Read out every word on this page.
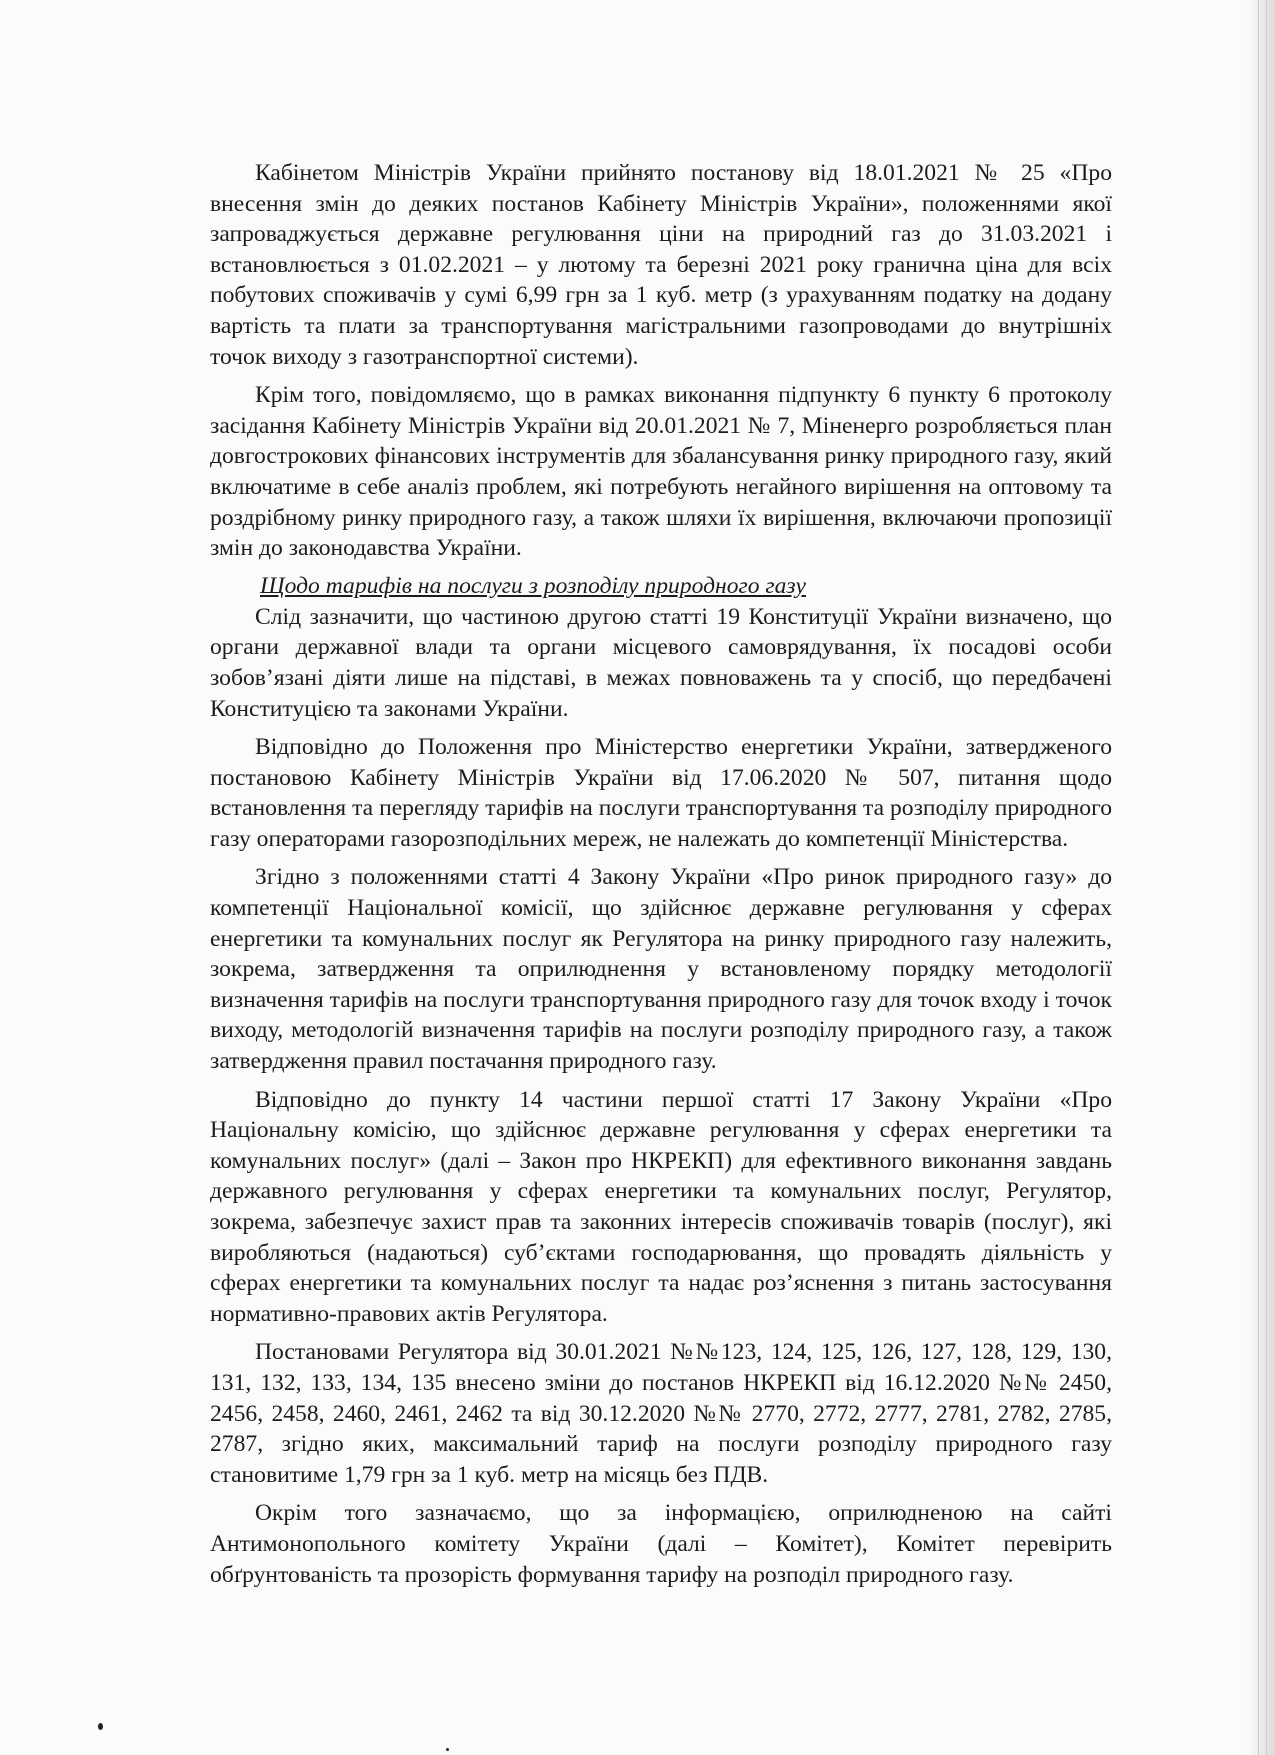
Кабінетом Міністрів України прийнято постанову від 18.01.2021 № 25 «Про внесення змін до деяких постанов Кабінету Міністрів України», положеннями якої запроваджується державне регулювання ціни на природний газ до 31.03.2021 і встановлюється з 01.02.2021 – у лютому та березні 2021 року гранична ціна для всіх побутових споживачів у сумі 6,99 грн за 1 куб. метр (з урахуванням податку на додану вартість та плати за транспортування магістральними газопроводами до внутрішніх точок виходу з газотранспортної системи).

Крім того, повідомляємо, що в рамках виконання підпункту 6 пункту 6 протоколу засідання Кабінету Міністрів України від 20.01.2021 № 7, Міненерго розробляється план довгострокових фінансових інструментів для збалансування ринку природного газу, який включатиме в себе аналіз проблем, які потребують негайного вирішення на оптовому та роздрібному ринку природного газу, а також шляхи їх вирішення, включаючи пропозиції змін до законодавства України.

Щодо тарифів на послуги з розподілу природного газу

Слід зазначити, що частиною другою статті 19 Конституції України визначено, що органи державної влади та органи місцевого самоврядування, їх посадові особи зобов’язані діяти лише на підставі, в межах повноважень та у спосіб, що передбачені Конституцією та законами України.

Відповідно до Положення про Міністерство енергетики України, затвердженого постановою Кабінету Міністрів України від 17.06.2020 № 507, питання щодо встановлення та перегляду тарифів на послуги транспортування та розподілу природного газу операторами газорозподільних мереж, не належать до компетенції Міністерства.

Згідно з положеннями статті 4 Закону України «Про ринок природного газу» до компетенції Національної комісії, що здійснює державне регулювання у сферах енергетики та комунальних послуг як Регулятора на ринку природного газу належить, зокрема, затвердження та оприлюднення у встановленому порядку методології визначення тарифів на послуги транспортування природного газу для точок входу і точок виходу, методологій визначення тарифів на послуги розподілу природного газу, а також затвердження правил постачання природного газу.

Відповідно до пункту 14 частини першої статті 17 Закону України «Про Національну комісію, що здійснює державне регулювання у сферах енергетики та комунальних послуг» (далі – Закон про НКРЕКП) для ефективного виконання завдань державного регулювання у сферах енергетики та комунальних послуг, Регулятор, зокрема, забезпечує захист прав та законних інтересів споживачів товарів (послуг), які виробляються (надаються) суб’єктами господарювання, що провадять діяльність у сферах енергетики та комунальних послуг та надає роз’яснення з питань застосування нормативно-правових актів Регулятора.

Постановами Регулятора від 30.01.2021 №№123, 124, 125, 126, 127, 128, 129, 130, 131, 132, 133, 134, 135 внесено зміни до постанов НКРЕКП від 16.12.2020 №№ 2450, 2456, 2458, 2460, 2461, 2462 та від 30.12.2020 №№ 2770, 2772, 2777, 2781, 2782, 2785, 2787, згідно яких, максимальний тариф на послуги розподілу природного газу становитиме 1,79 грн за 1 куб. метр на місяць без ПДВ.

Окрім того зазначаємо, що за інформацією, оприлюдненою на сайті Антимонопольного комітету України (далі – Комітет), Комітет перевірить обґрунтованість та прозорість формування тарифу на розподіл природного газу.
